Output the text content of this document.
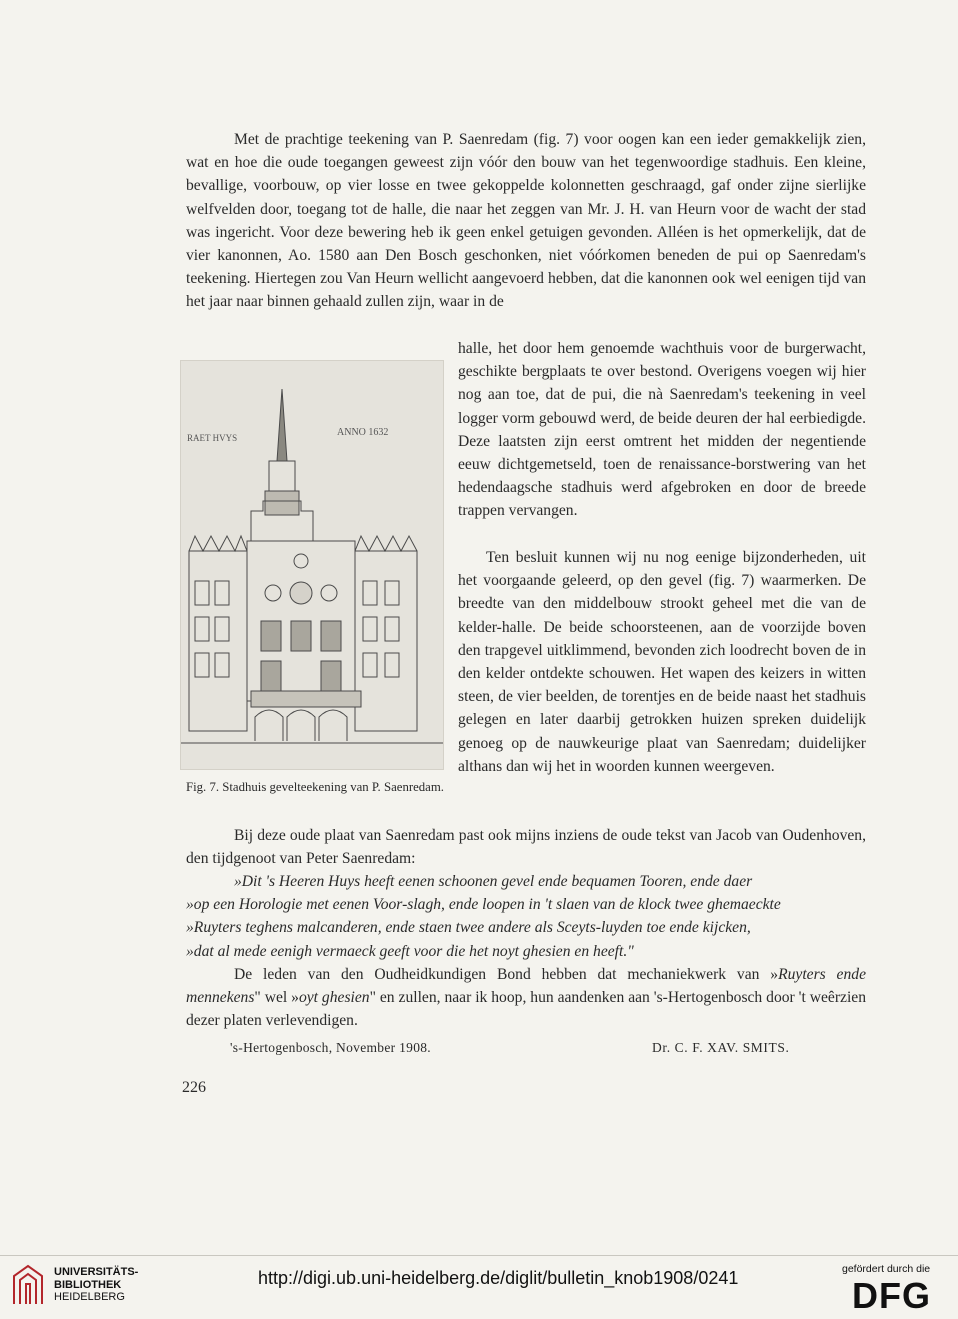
Met de prachtige teekening van P. Saenredam (fig. 7) voor oogen kan een ieder gemakkelijk zien, wat en hoe die oude toegangen geweest zijn vóór den bouw van het tegenwoordige stadhuis. Een kleine, bevallige, voorbouw, op vier losse en twee gekoppelde kolonnetten geschraagd, gaf onder zijne sierlijke welfvelden door, toegang tot de halle, die naar het zeggen van Mr. J. H. van Heurn voor de wacht der stad was ingericht. Voor deze bewering heb ik geen enkel getuigen gevonden. Alléen is het opmerkelijk, dat de vier kanonnen, Ao. 1580 aan Den Bosch geschonken, niet vóórkomen beneden de pui op Saenredam's teekening. Hiertegen zou Van Heurn wellicht aangevoerd hebben, dat die kanonnen ook wel eenigen tijd van het jaar naar binnen gehaald zullen zijn, waar in de

RAET HVYS	ANNO 1632
Fig. 7. Stadhuis gevelteekening van P. Saenredam.

halle, het door hem genoemde wachthuis voor de burgerwacht, geschikte bergplaats te over bestond. Overigens voegen wij hier nog aan toe, dat de pui, die nà Saenredam's teekening in veel logger vorm gebouwd werd, de beide deuren der hal eerbiedigde. Deze laatsten zijn eerst omtrent het midden der negentiende eeuw dichtgemetseld, toen de renaissance-borstwering van het hedendaagsche stadhuis werd afgebroken en door de breede trappen vervangen.

Ten besluit kunnen wij nu nog eenige bijzonderheden, uit het voorgaande geleerd, op den gevel (fig. 7) waarmerken. De breedte van den middelbouw strookt geheel met die van de kelder-halle. De beide schoorsteenen, aan de voorzijde boven den trapgevel uitklimmend, bevonden zich loodrecht boven de in den kelder ontdekte schouwen. Het wapen des keizers in witten steen, de vier beelden, de torentjes en de beide naast het stadhuis gelegen en later daarbij getrokken huizen spreken duidelijk genoeg op de nauwkeurige plaat van Saenredam; duidelijker althans dan wij het in woorden kunnen weergeven.

Bij deze oude plaat van Saenredam past ook mijns inziens de oude tekst van Jacob van Oudenhoven, den tijdgenoot van Peter Saenredam:

»Dit 's Heeren Huys heeft eenen schoonen gevel ende bequamen Tooren, ende daer
»op een Horologie met eenen Voor-slagh, ende loopen in 't slaen van de klock twee ghemaeckte
»Ruyters teghens malcanderen, ende staen twee andere als Sceyts-luyden toe ende kijcken,
»dat al mede eenigh vermaeck geeft voor die het noyt ghesien en heeft."

De leden van den Oudheidkundigen Bond hebben dat mechaniekwerk van »Ruyters ende mennekens" wel »oyt ghesien" en zullen, naar ik hoop, hun aandenken aan 's-Hertogenbosch door 't weêrzien dezer platen verlevendigen.

's-Hertogenbosch, November 1908.	Dr. C. F. XAV. SMITS.
226
UNIVERSITÄTS-
BIBLIOTHEK
HEIDELBERG
http://digi.ub.uni-heidelberg.de/diglit/bulletin_knob1908/0241	gefördert durch die
DFG
